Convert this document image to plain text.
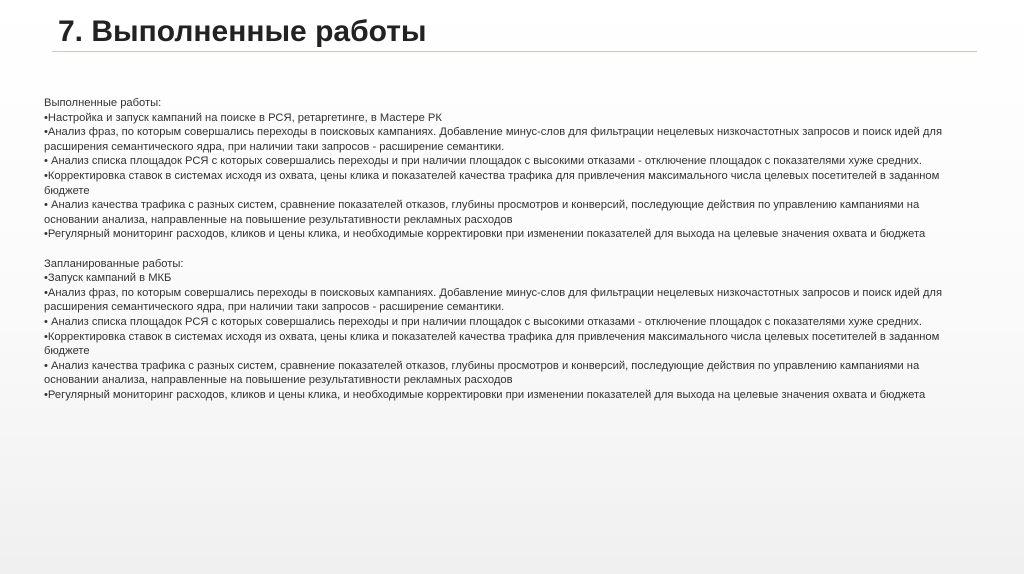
7. Выполненные работы
Выполненные работы:
•Настройка и запуск кампаний на поиске в РСЯ, ретаргетинге, в Мастере РК
•Анализ фраз, по которым совершались переходы в поисковых кампаниях. Добавление минус-слов для фильтрации нецелевых низкочастотных запросов и поиск идей для расширения семантического ядра, при наличии таки запросов - расширение семантики.
• Анализ списка площадок РСЯ с которых совершались переходы и при наличии площадок с высокими отказами - отключение площадок с показателями хуже средних.
•Корректировка ставок в системах исходя из охвата, цены клика и показателей качества трафика для привлечения максимального числа целевых посетителей в заданном бюджете
• Анализ качества трафика с разных систем, сравнение показателей отказов, глубины просмотров и конверсий, последующие действия по управлению кампаниями на основании анализа, направленные на повышение результативности рекламных расходов
•Регулярный мониторинг расходов, кликов и цены клика, и необходимые корректировки при изменении показателей для выхода на целевые значения охвата и бюджета
Запланированные работы:
•Запуск кампаний в МКБ
•Анализ фраз, по которым совершались переходы в поисковых кампаниях. Добавление минус-слов для фильтрации нецелевых низкочастотных запросов и поиск идей для расширения семантического ядра, при наличии таки запросов - расширение семантики.
• Анализ списка площадок РСЯ с которых совершались переходы и при наличии площадок с высокими отказами - отключение площадок с показателями хуже средних.
•Корректировка ставок в системах исходя из охвата, цены клика и показателей качества трафика для привлечения максимального числа целевых посетителей в заданном бюджете
• Анализ качества трафика с разных систем, сравнение показателей отказов, глубины просмотров и конверсий, последующие действия по управлению кампаниями на основании анализа, направленные на повышение результативности рекламных расходов
•Регулярный мониторинг расходов, кликов и цены клика, и необходимые корректировки при изменении показателей для выхода на целевые значения охвата и бюджета
